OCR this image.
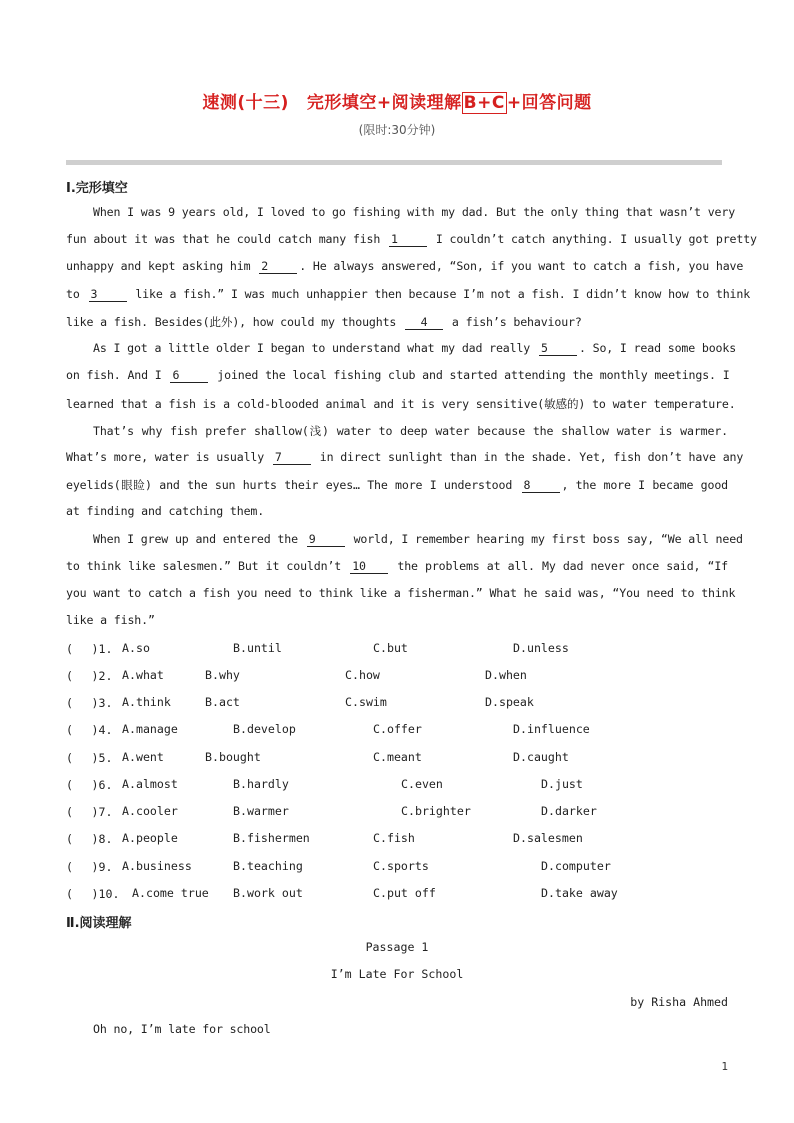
速测(十三) 完形填空+阅读理解 B+C +回答问题
(限时:30分钟)
Ⅰ.完形填空
When I was 9 years old, I loved to go fishing with my dad. But the only thing that wasn’t very
fun about it was that he could catch many fish 1	I couldn’t catch anything. I usually got pretty
unhappy and kept asking him 2	. He always answered, “Son, if you want to catch a fish, you have
to 3	like a fish.” I was much unhappier then because I’m not a fish. I didn’t know how to think
like a fish. Besides(此外), how could my thoughts 4 a fish’s behaviour?
As I got a little older I began to understand what my dad really 5	. So, I read some books
on fish. And I 6	joined the local fishing club and started attending the monthly meetings. I
learned that a fish is a cold-blooded animal and it is very sensitive(敏感的) to water temperature.
That’s why fish prefer shallow(浅) water to deep water because the shallow water is warmer.
What’s more, water is usually 7	in direct sunlight than in the shade. Yet, fish don’t have any
eyelids(眼睑) and the sun hurts their eyes… The more I understood 8	, the more I became good
at finding and catching them.
When I grew up and entered the 9	world, I remember hearing my first boss say, “We all need
to think like salesmen.” But it couldn’t 10 the problems at all. My dad never once said, “If
you want to catch a fish you need to think like a fisherman.” What he said was, “You need to think
like a fish.”
(　 )1. A.so	B.until	C.but	D.unless
(　 )2. A.what	B.why	C.how	D.when
(　 )3. A.think	B.act	C.swim	D.speak
(　 )4. A.manage	B.develop	C.offer	D.influence
(　 )5. A.went	B.bought	C.meant	D.caught
(　 )6. A.almost	B.hardly	C.even	D.just
(　 )7. A.cooler	B.warmer	C.brighter	D.darker
(　 )8. A.people	B.fishermen	C.fish	D.salesmen
(　 )9. A.business	B.teaching	C.sports	D.computer
(　 )10. A.come true B.work out	C.put off	D.take away
Ⅱ.阅读理解
Passage 1
I’m Late For School
by Risha Ahmed
Oh no, I’m late for school
1
